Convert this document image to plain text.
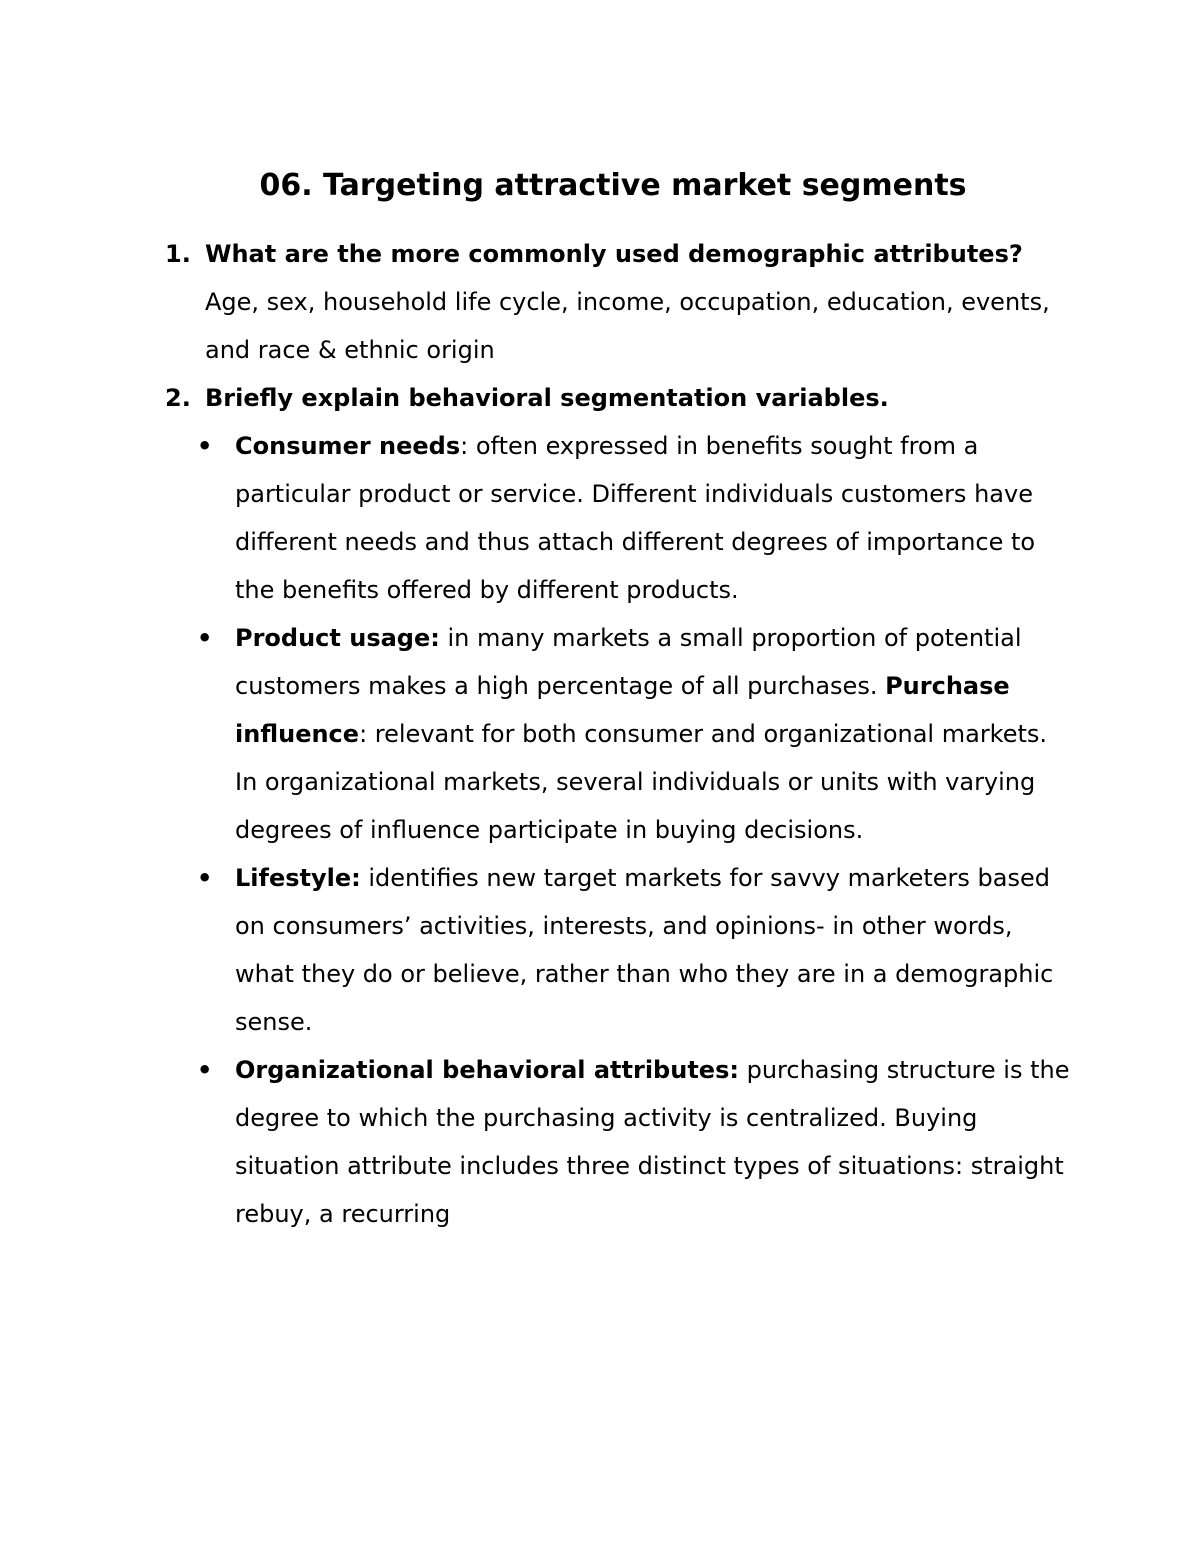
06. Targeting attractive market segments
1. What are the more commonly used demographic attributes?
Age, sex, household life cycle, income, occupation, education, events, and race & ethnic origin
2. Briefly explain behavioral segmentation variables.
• Consumer needs: often expressed in benefits sought from a particular product or service. Different individuals customers have different needs and thus attach different degrees of importance to the benefits offered by different products.
• Product usage: in many markets a small proportion of potential customers makes a high percentage of all purchases. Purchase influence: relevant for both consumer and organizational markets. In organizational markets, several individuals or units with varying degrees of influence participate in buying decisions.
• Lifestyle: identifies new target markets for savvy marketers based on consumers’ activities, interests, and opinions- in other words, what they do or believe, rather than who they are in a demographic sense.
• Organizational behavioral attributes: purchasing structure is the degree to which the purchasing activity is centralized. Buying situation attribute includes three distinct types of situations: straight rebuy, a recurring
